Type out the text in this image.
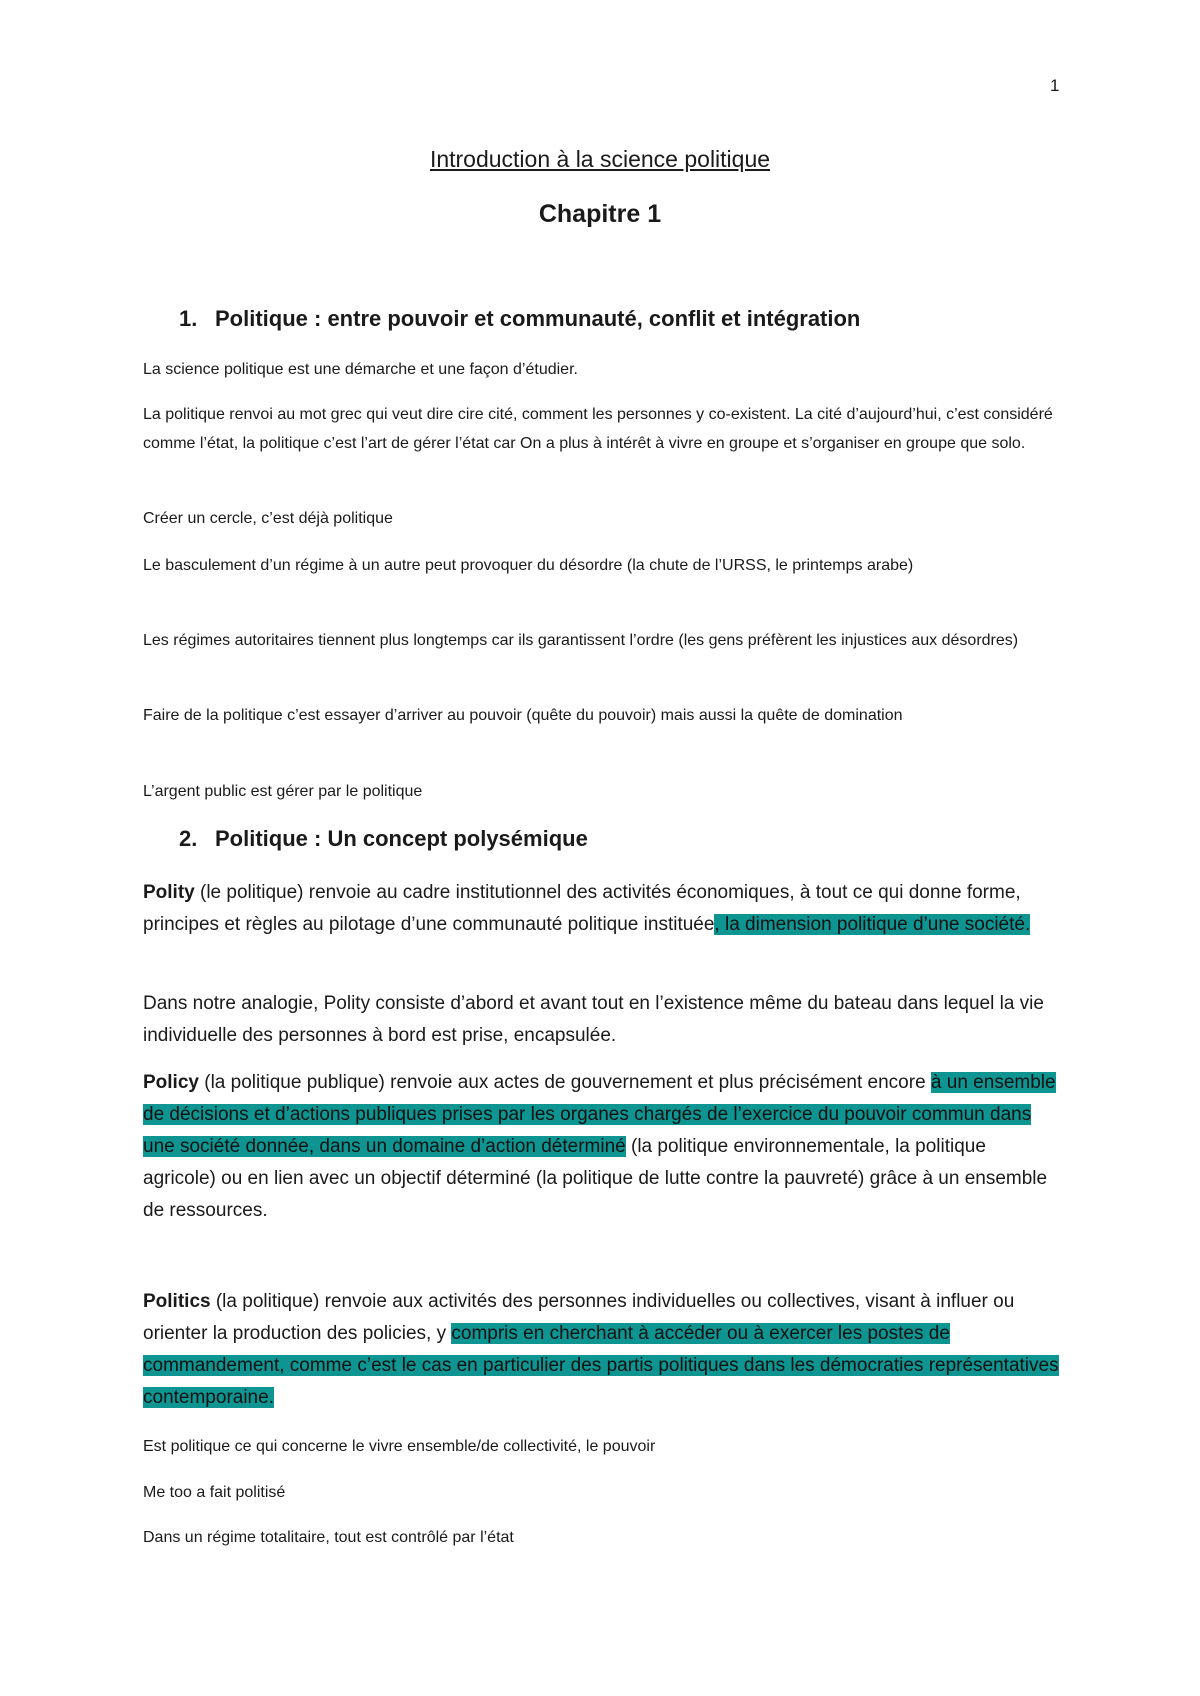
1
Introduction à la science politique
Chapitre 1

1. Politique : entre pouvoir et communauté, conflit et intégration

La science politique est une démarche et une façon d’étudier.

La politique renvoi au mot grec qui veut dire cire cité, comment les personnes y co-existent. La cité d’aujourd’hui, c’est considéré comme l’état, la politique c’est l’art de gérer l’état car On a plus à intérêt à vivre en groupe et s’organiser en groupe que solo.

Créer un cercle, c’est déjà politique

Le basculement d’un régime à un autre peut provoquer du désordre (la chute de l’URSS, le printemps arabe)

Les régimes autoritaires tiennent plus longtemps car ils garantissent l’ordre (les gens préfèrent les injustices aux désordres)

Faire de la politique c’est essayer d’arriver au pouvoir (quête du pouvoir) mais aussi la quête de domination

L’argent public est gérer par le politique

2. Politique : Un concept polysémique

Polity (le politique) renvoie au cadre institutionnel des activités économiques, à tout ce qui donne forme, principes et règles au pilotage d’une communauté politique instituée, la dimension politique d’une société.

Dans notre analogie, Polity consiste d’abord et avant tout en l’existence même du bateau dans lequel la vie individuelle des personnes à bord est prise, encapsulée.

Policy (la politique publique) renvoie aux actes de gouvernement et plus précisément encore à un ensemble de décisions et d’actions publiques prises par les organes chargés de l’exercice du pouvoir commun dans une société donnée, dans un domaine d’action déterminé (la politique environnementale, la politique agricole) ou en lien avec un objectif déterminé (la politique de lutte contre la pauvreté) grâce à un ensemble de ressources.

Politics (la politique) renvoie aux activités des personnes individuelles ou collectives, visant à influer ou orienter la production des policies, y compris en cherchant à accéder ou à exercer les postes de commandement, comme c’est le cas en particulier des partis politiques dans les démocraties représentatives contemporaine.

Est politique ce qui concerne le vivre ensemble/de collectivité, le pouvoir

Me too a fait politisé

Dans un régime totalitaire, tout est contrôlé par l’état
